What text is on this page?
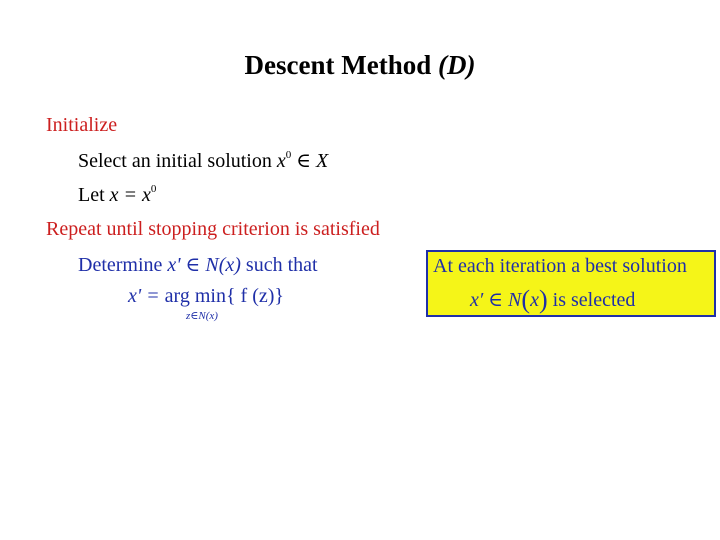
Descent Method (D)
Initialize
Select an initial solution $x^0$ ∈ X
Let $x = x^0$
Repeat until stopping criterion is satisfied
Determine x' ∈ N(x) such that
x' = arg min{ f (z)}
z∈N(x)
At each iteration a best solution
x′ ∈ N(x) is selected
